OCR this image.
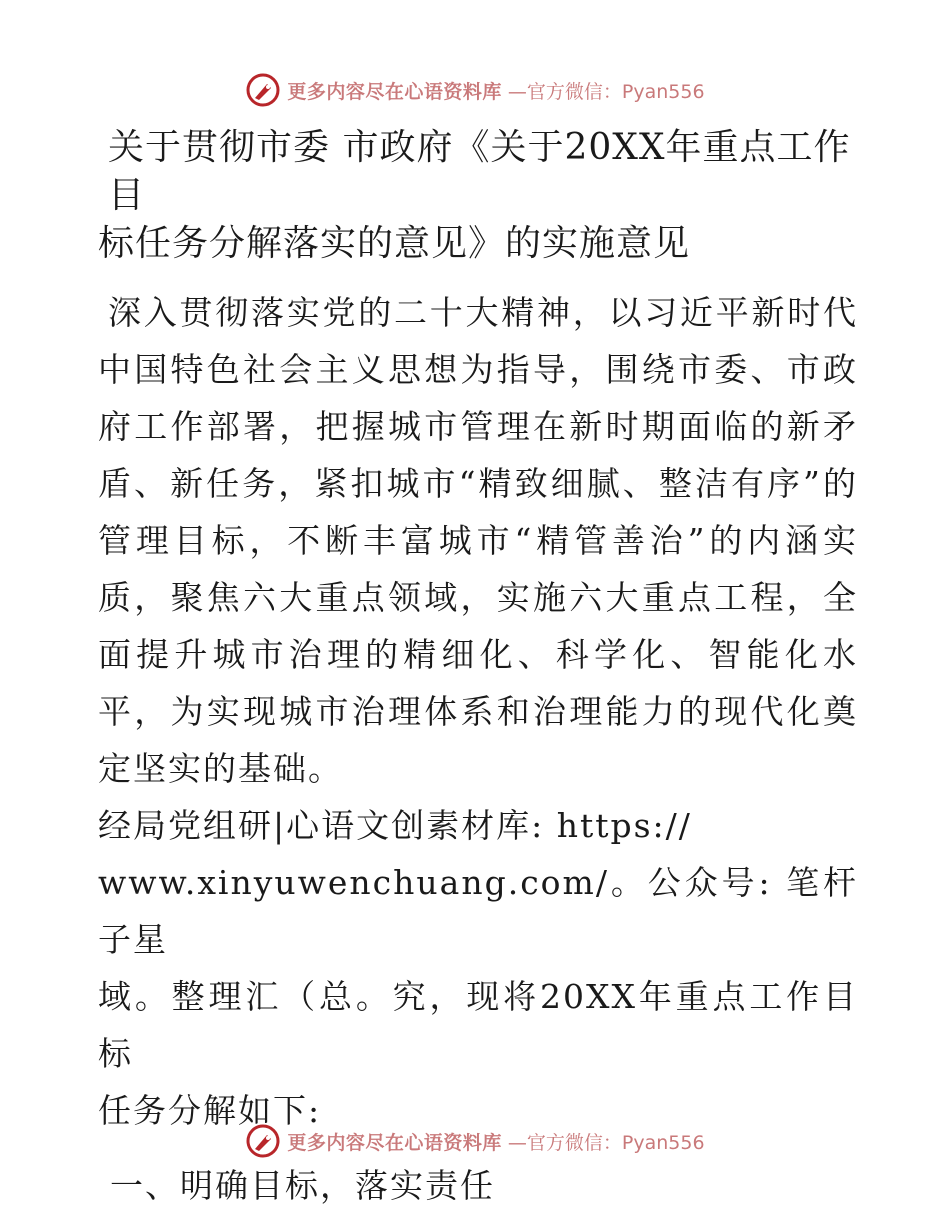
更多内容尽在心语资料库 —官方微信：Pyan556
关于贯彻市委 市政府《关于20XX年重点工作目
标任务分解落实的意见》的实施意见

深入贯彻落实党的二十大精神，以习近平新时代中国特色社会主义思想为指导，围绕市委、市政府工作部署，把握城市管理在新时期面临的新矛盾、新任务，紧扣城市“精致细腻、整洁有序”的管理目标，不断丰富城市“精管善治”的内涵实质，聚焦六大重点领域，实施六大重点工程，全面提升城市治理的精细化、科学化、智能化水平，为实现城市治理体系和治理能力的现代化奠定坚实的基础。
经局党组研|心语文创素材库: https://
www.xinyuwenchuang.com/。公众号: 笔杆子星
域。整理汇（总。究，现将20XX年重点工作目标
任务分解如下:

一、明确目标，落实责任
更多内容尽在心语资料库 —官方微信：Pyan556
